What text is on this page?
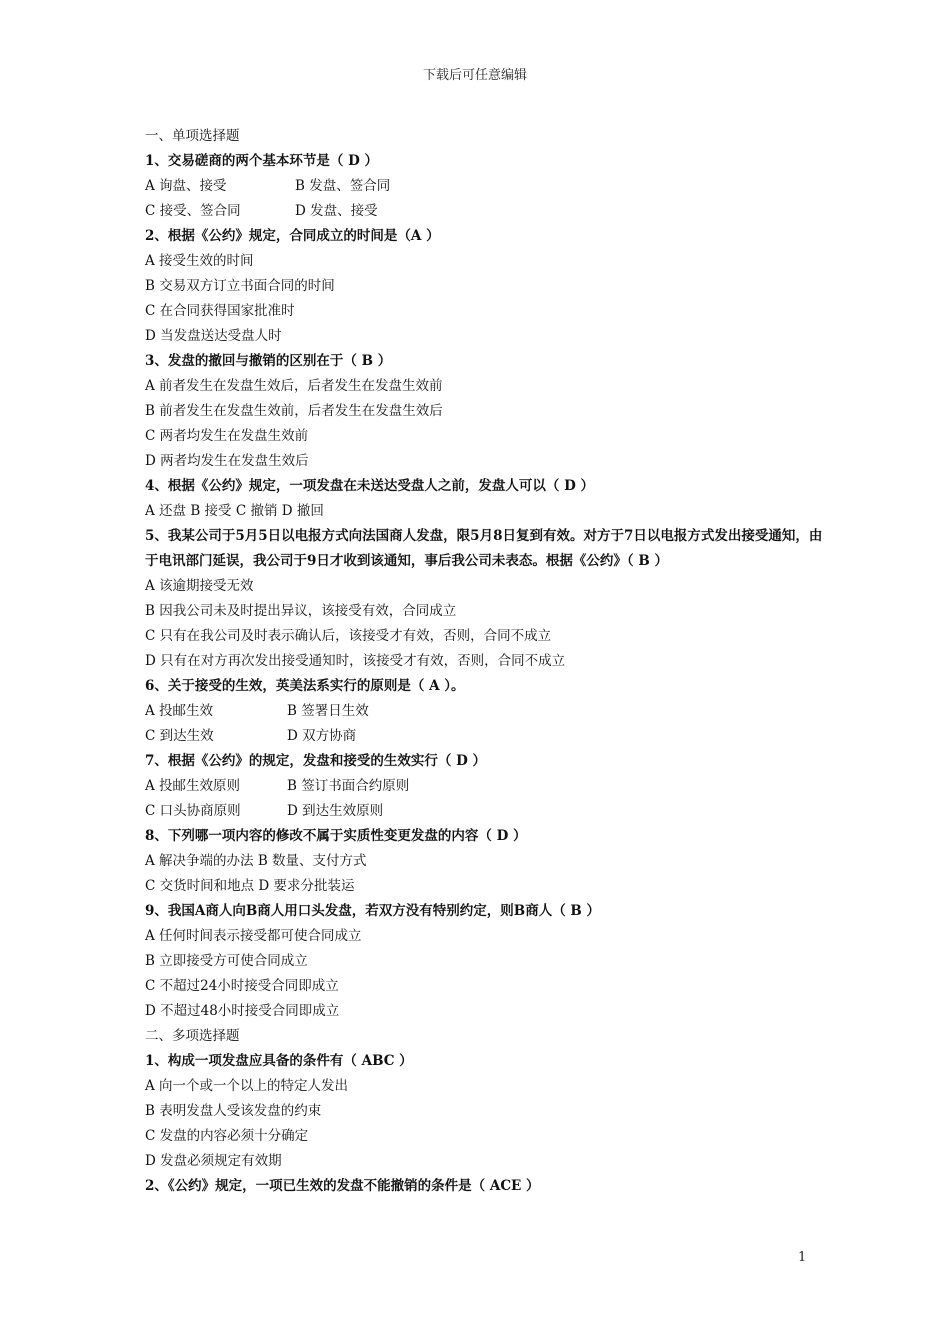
下载后可任意编辑
一、单项选择题
1、交易磋商的两个基本环节是（ D ）
A 询盘、接受	B 发盘、签合同
C 接受、签合同	D 发盘、接受
2、根据《公约》规定，合同成立的时间是（A ）
A 接受生效的时间
B 交易双方订立书面合同的时间
C 在合同获得国家批准时
D 当发盘送达受盘人时
3、发盘的撤回与撤销的区别在于（ B ）
A 前者发生在发盘生效后，后者发生在发盘生效前
B 前者发生在发盘生效前，后者发生在发盘生效后
C 两者均发生在发盘生效前
D 两者均发生在发盘生效后
4、根据《公约》规定，一项发盘在未送达受盘人之前，发盘人可以（ D ）
A 还盘 B 接受 C 撤销 D 撤回
5、我某公司于5月5日以电报方式向法国商人发盘，限5月8日复到有效。对方于7日以电报方式发出接受通知，由于电讯部门延误，我公司于9日才收到该通知，事后我公司未表态。根据《公约》（ B ）
A 该逾期接受无效
B 因我公司未及时提出异议，该接受有效，合同成立
C 只有在我公司及时表示确认后，该接受才有效，否则，合同不成立
D 只有在对方再次发出接受通知时，该接受才有效，否则，合同不成立
6、关于接受的生效，英美法系实行的原则是（ A ）。
A 投邮生效	B 签署日生效
C 到达生效	D 双方协商
7、根据《公约》的规定，发盘和接受的生效实行（ D ）
A 投邮生效原则	B 签订书面合约原则
C 口头协商原则	D 到达生效原则
8、下列哪一项内容的修改不属于实质性变更发盘的内容（ D ）
A 解决争端的办法 B 数量、支付方式
C 交货时间和地点 D 要求分批装运
9、我国A商人向B商人用口头发盘，若双方没有特别约定，则B商人（ B ）
A 任何时间表示接受都可使合同成立
B 立即接受方可使合同成立
C 不超过24小时接受合同即成立
D 不超过48小时接受合同即成立
二、多项选择题
1、构成一项发盘应具备的条件有（ ABC ）
A 向一个或一个以上的特定人发出
B 表明发盘人受该发盘的约束
C 发盘的内容必须十分确定
D 发盘必须规定有效期
2、《公约》规定，一项已生效的发盘不能撤销的条件是（ ACE ）
1
